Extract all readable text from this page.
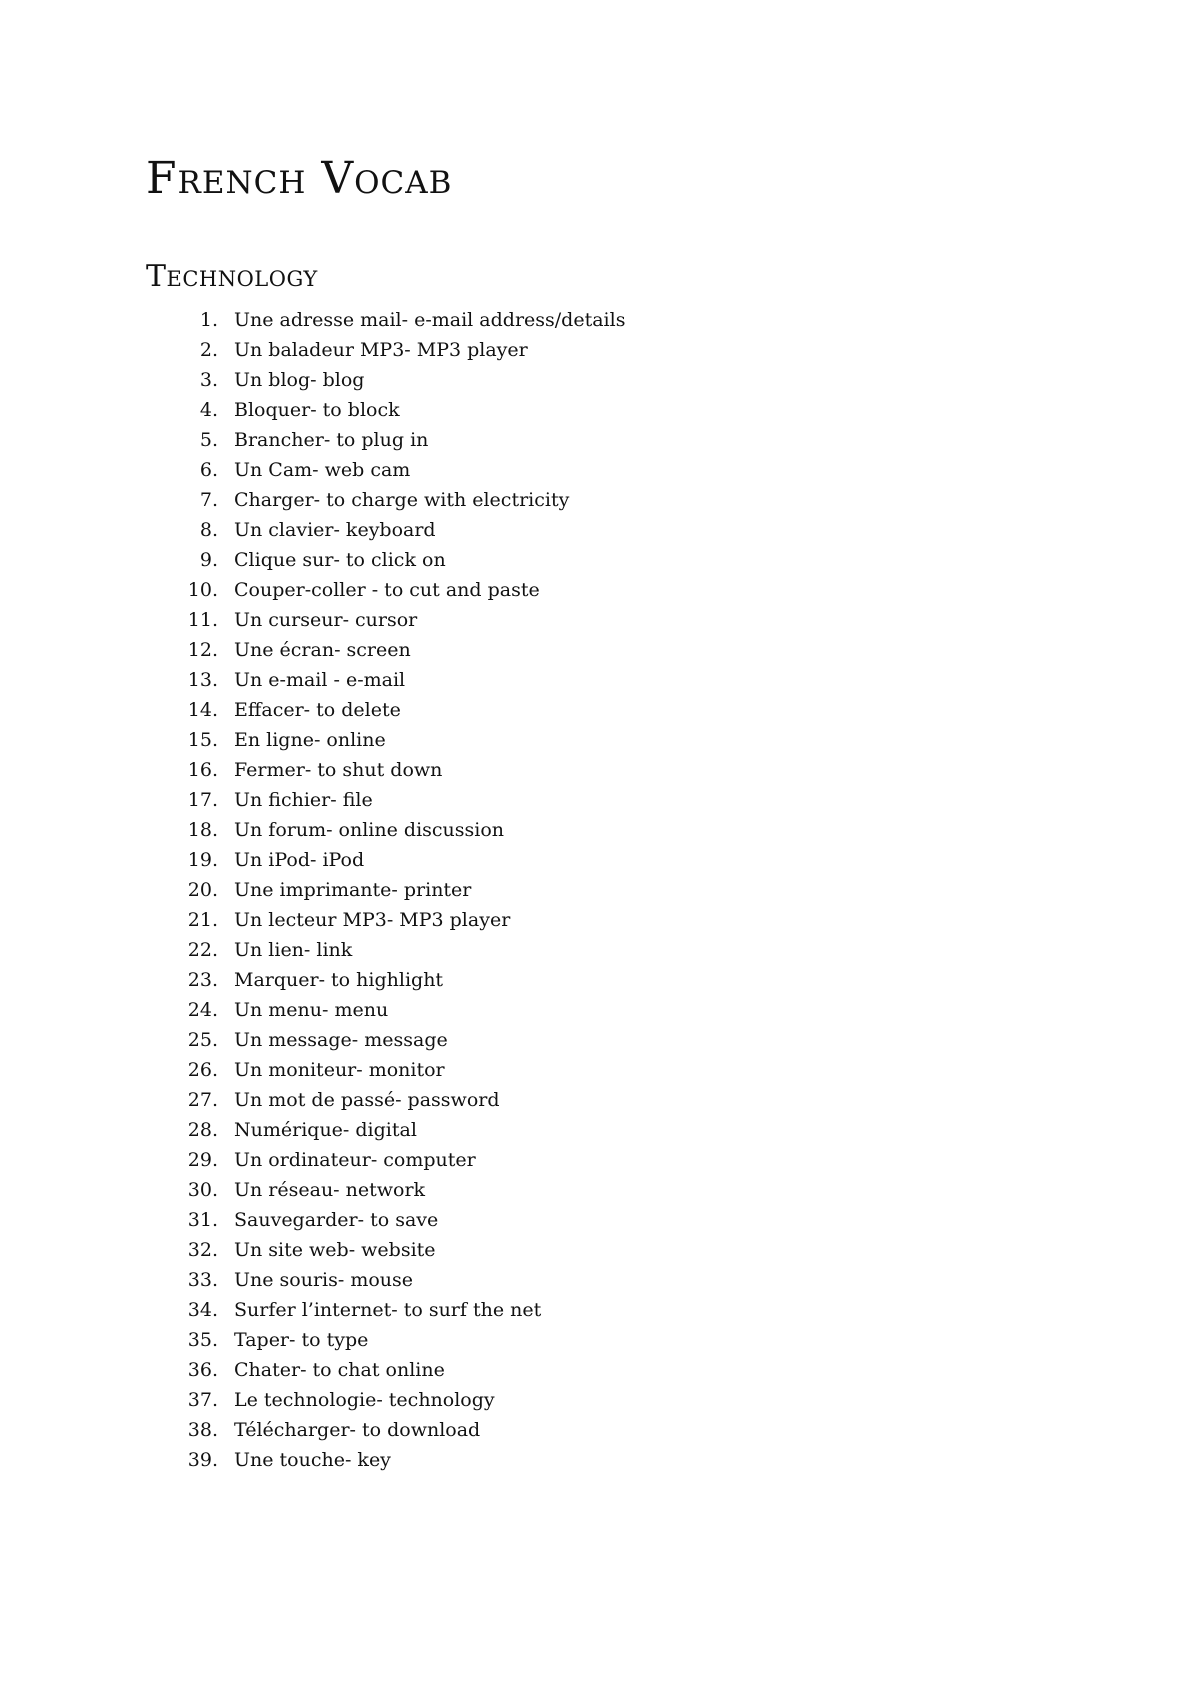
French Vocab
Technology
1. Une adresse mail- e-mail address/details
2. Un baladeur MP3- MP3 player
3. Un blog- blog
4. Bloquer- to block
5. Brancher- to plug in
6. Un Cam- web cam
7. Charger- to charge with electricity
8. Un clavier- keyboard
9. Clique sur- to click on
10. Couper-coller - to cut and paste
11. Un curseur- cursor
12. Une écran- screen
13. Un e-mail - e-mail
14. Effacer- to delete
15. En ligne- online
16. Fermer- to shut down
17. Un fichier- file
18. Un forum- online discussion
19. Un iPod- iPod
20. Une imprimante- printer
21. Un lecteur MP3- MP3 player
22. Un lien- link
23. Marquer- to highlight
24. Un menu- menu
25. Un message- message
26. Un moniteur- monitor
27. Un mot de passé- password
28. Numérique- digital
29. Un ordinateur- computer
30. Un réseau- network
31. Sauvegarder- to save
32. Un site web- website
33. Une souris- mouse
34. Surfer l’internet- to surf the net
35. Taper- to type
36. Chater- to chat online
37. Le technologie- technology
38. Télécharger- to download
39. Une touche- key
